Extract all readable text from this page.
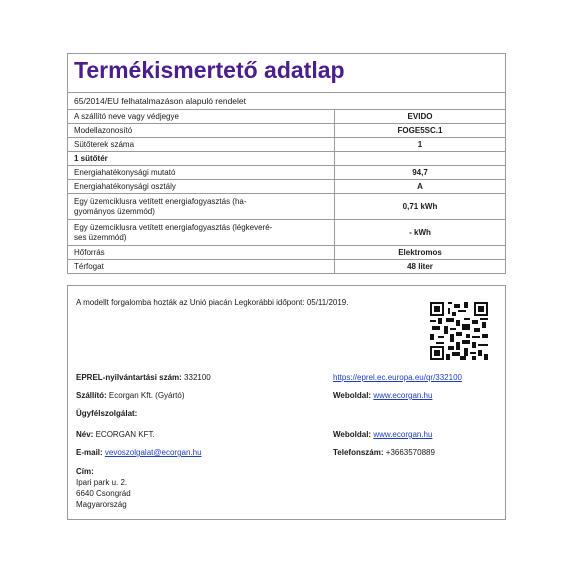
Termékismertető adatlap
65/2014/EU felhatalmazáson alapuló rendelet
A szállító neve vagy védjegye	EVIDO
Modellazonosító	FOGE5SC.1
Sütőterek száma	1
1 sütőtér	
Energiahatékonysági mutató	94,7
Energiahatékonysági osztály	A
Egy üzemciklusra vetített energiafogyasztás (ha-
gyományos üzemmód)	0,71 kWh
Egy üzemciklusra vetített energiafogyasztás (légkeveré-
ses üzemmód)	- kWh
Hőforrás	Elektromos
Térfogat	48 liter
A modellt forgalomba hozták az Unió piacán Legkorábbi időpont: 05/11/2019.
EPREL-nyilvántartási szám: 332100	https://eprel.ec.europa.eu/qr/332100
Szállító: Ecorgan Kft. (Gyártó)	Weboldal: www.ecorgan.hu
Ügyfélszolgálat:
Név: ECORGAN KFT.	Weboldal: www.ecorgan.hu
E-mail: vevoszolgalat@ecorgan.hu	Telefonszám: +3663570889
Cím:
Ipari park u. 2.
6640 Csongrád
Magyarország
